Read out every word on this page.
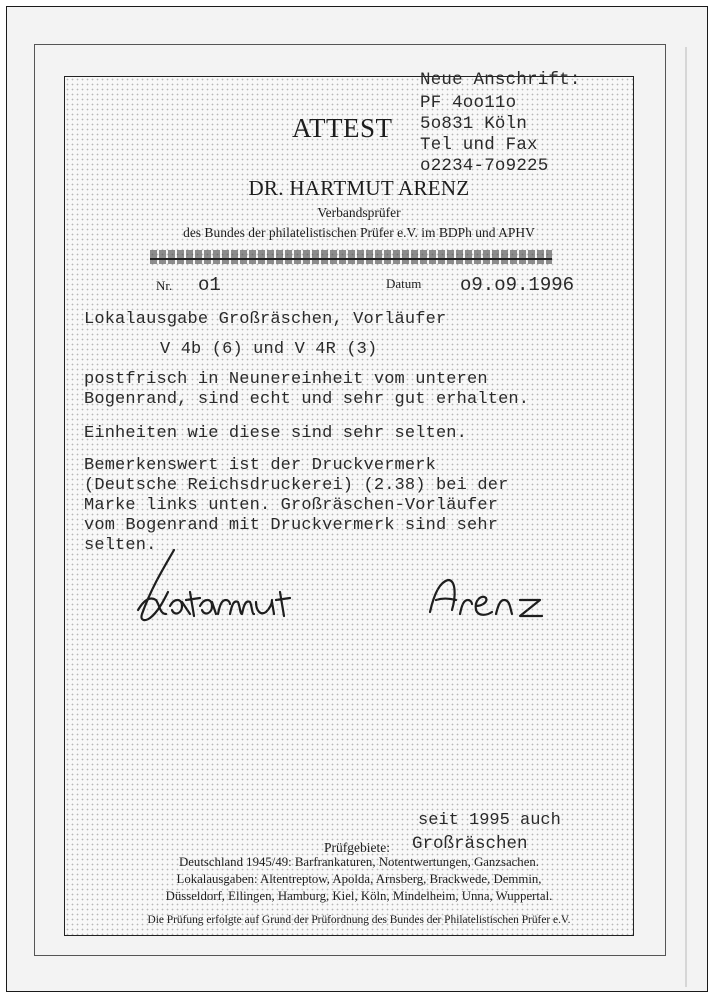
ATTEST
Neue Anschrift:
PF 4oo11o
5o831 Köln
Tel und Fax
o2234-7o9225
DR. HARTMUT ARENZ
Verbandsprüfer
des Bundes der philatelistischen Prüfer e.V. im BDPh und APHV
Nr. o1	Datum o9.o9.1996
Lokalausgabe Großräschen, Vorläufer
V 4b (6) und V 4R (3)
postfrisch in Neunereinheit vom unteren
Bogenrand, sind echt und sehr gut erhalten.
Einheiten wie diese sind sehr selten.
Bemerkenswert ist der Druckvermerk
(Deutsche Reichsdruckerei) (2.38) bei der
Marke links unten. Großräschen-Vorläufer
vom Bogenrand mit Druckvermerk sind sehr
selten.
seit 1995 auch
Prüfgebiete: Großräschen
Deutschland 1945/49: Barfrankaturen, Notentwertungen, Ganzsachen.
Lokalausgaben: Altentreptow, Apolda, Arnsberg, Brackwede, Demmin,
Düsseldorf, Ellingen, Hamburg, Kiel, Köln, Mindelheim, Unna, Wuppertal.
Die Prüfung erfolgte auf Grund der Prüfordnung des Bundes der Philatelistischen Prüfer e.V.
